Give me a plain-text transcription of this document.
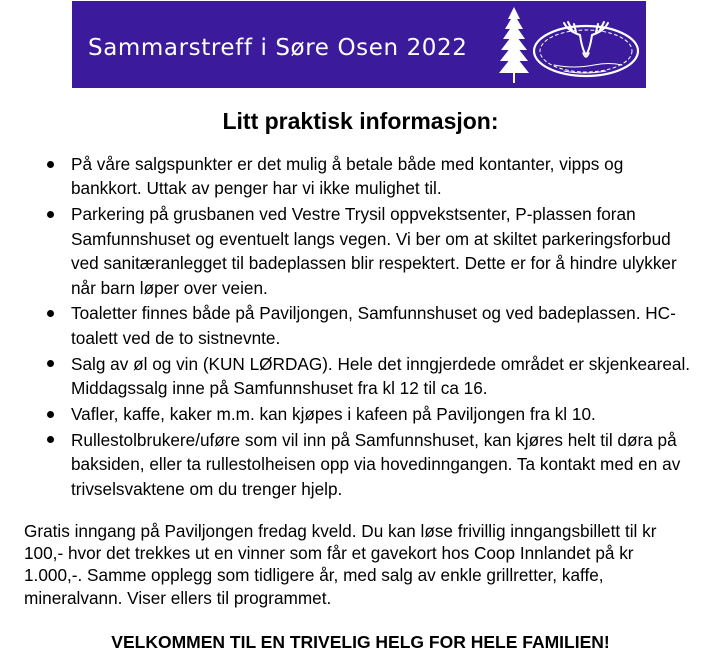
Sammarstreff i Søre Osen 2022
Litt praktisk informasjon:
På våre salgspunkter er det mulig å betale både med kontanter, vipps og bankkort. Uttak av penger har vi ikke mulighet til.
Parkering på grusbanen ved Vestre Trysil oppvekstsenter, P-plassen foran Samfunnshuset og eventuelt langs vegen. Vi ber om at skiltet parkeringsforbud ved sanitæranlegget til badeplassen blir respektert. Dette er for å hindre ulykker når barn løper over veien.
Toaletter finnes både på Paviljongen, Samfunnshuset og ved badeplassen. HC-toalett ved de to sistnevnte.
Salg av øl og vin (KUN LØRDAG). Hele det inngjerdede området er skjenkeareal. Middagssalg inne på Samfunnshuset fra kl 12 til ca 16.
Vafler, kaffe, kaker m.m. kan kjøpes i kafeen på Paviljongen fra kl 10.
Rullestolbrukere/uføre som vil inn på Samfunnshuset, kan kjøres helt til døra på baksiden, eller ta rullestolheisen opp via hovedinngangen. Ta kontakt med en av trivselsvaktene om du trenger hjelp.

Gratis inngang på Paviljongen fredag kveld. Du kan løse frivillig inngangsbillett til kr 100,- hvor det trekkes ut en vinner som får et gavekort hos Coop Innlandet på kr 1.000,-. Samme opplegg som tidligere år, med salg av enkle grillretter, kaffe, mineralvann. Viser ellers til programmet.

VELKOMMEN TIL EN TRIVELIG HELG FOR HELE FAMILIEN!
